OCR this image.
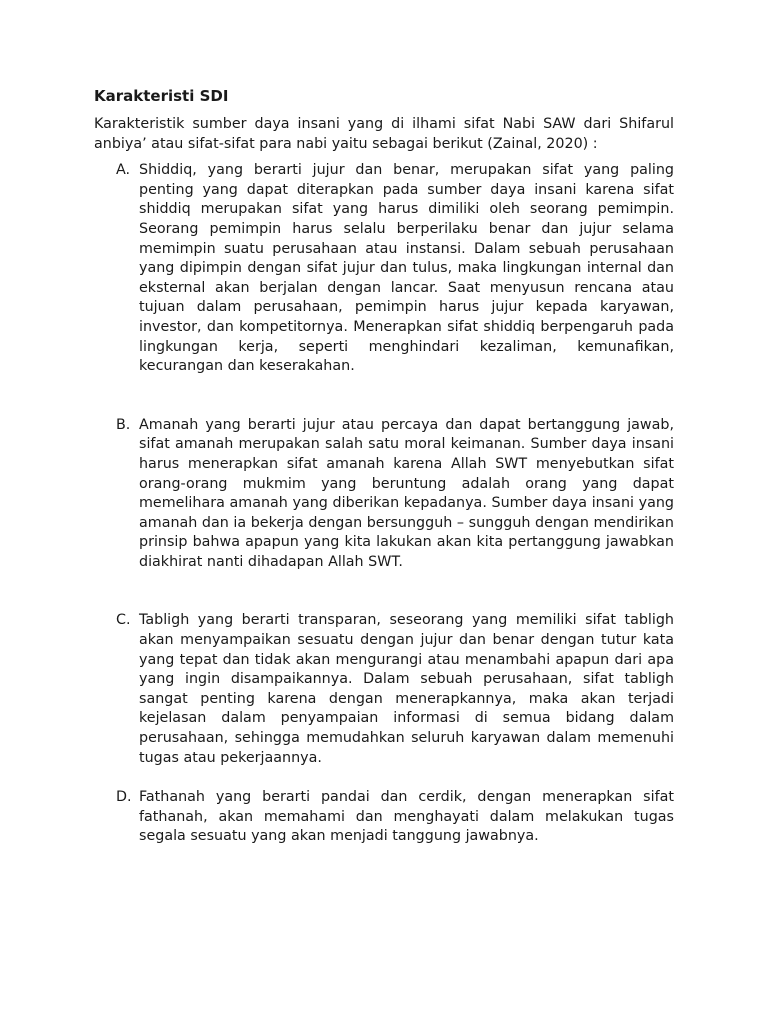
Karakteristi SDI
Karakteristik sumber daya insani yang di ilhami sifat Nabi SAW dari Shifarul anbiya’ atau sifat-sifat para nabi yaitu sebagai berikut (Zainal, 2020) :
A. Shiddiq, yang berarti jujur dan benar, merupakan sifat yang paling penting yang dapat diterapkan pada sumber daya insani karena sifat shiddiq merupakan sifat yang harus dimiliki oleh seorang pemimpin. Seorang pemimpin harus selalu berperilaku benar dan jujur selama memimpin suatu perusahaan atau instansi. Dalam sebuah perusahaan yang dipimpin dengan sifat jujur dan tulus, maka lingkungan internal dan eksternal akan berjalan dengan lancar. Saat menyusun rencana atau tujuan dalam perusahaan, pemimpin harus jujur kepada karyawan, investor, dan kompetitornya. Menerapkan sifat shiddiq berpengaruh pada lingkungan kerja, seperti menghindari kezaliman, kemunafikan, kecurangan dan keserakahan.
B. Amanah yang berarti jujur atau percaya dan dapat bertanggung jawab, sifat amanah merupakan salah satu moral keimanan. Sumber daya insani harus menerapkan sifat amanah karena Allah SWT menyebutkan sifat orang-orang mukmim yang beruntung adalah orang yang dapat memelihara amanah yang diberikan kepadanya. Sumber daya insani yang amanah dan ia bekerja dengan bersungguh – sungguh dengan mendirikan prinsip bahwa apapun yang kita lakukan akan kita pertanggung jawabkan diakhirat nanti dihadapan Allah SWT.
C. Tabligh yang berarti transparan, seseorang yang memiliki sifat tabligh akan menyampaikan sesuatu dengan jujur dan benar dengan tutur kata yang tepat dan tidak akan mengurangi atau menambahi apapun dari apa yang ingin disampaikannya. Dalam sebuah perusahaan, sifat tabligh sangat penting karena dengan menerapkannya, maka akan terjadi kejelasan dalam penyampaian informasi di semua bidang dalam perusahaan, sehingga memudahkan seluruh karyawan dalam memenuhi tugas atau pekerjaannya.
D. Fathanah yang berarti pandai dan cerdik, dengan menerapkan sifat fathanah, akan memahami dan menghayati dalam melakukan tugas segala sesuatu yang akan menjadi tanggung jawabnya.
